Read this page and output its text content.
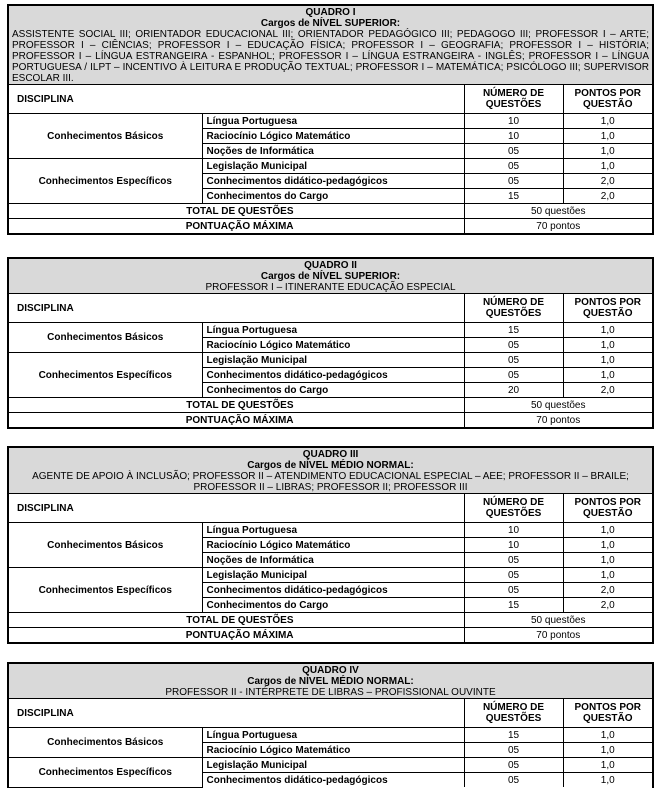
QUADRO I
Cargos de NÍVEL SUPERIOR:
ASSISTENTE SOCIAL III; ORIENTADOR EDUCACIONAL III; ORIENTADOR PEDAGÓGICO III; PEDAGOGO III; PROFESSOR I – ARTE; PROFESSOR I – CIÊNCIAS; PROFESSOR I – EDUCAÇÃO FÍSICA; PROFESSOR I – GEOGRAFIA; PROFESSOR I – HISTÓRIA; PROFESSOR I – LÍNGUA ESTRANGEIRA - ESPANHOL; PROFESSOR I – LÍNGUA ESTRANGEIRA - INGLÊS; PROFESSOR I – LÍNGUA PORTUGUESA / ILPT – INCENTIVO À LEITURA E PRODUÇÃO TEXTUAL; PROFESSOR I – MATEMÁTICA; PSICÓLOGO III; SUPERVISOR ESCOLAR III.
DISCIPLINA		NÚMERO DE QUESTÕES	PONTOS POR QUESTÃO
Conhecimentos Básicos	Língua Portuguesa	10	1,0
	Raciocínio Lógico Matemático	10	1,0
	Noções de Informática	05	1,0
Conhecimentos Específicos	Legislação Municipal	05	1,0
	Conhecimentos didático-pedagógicos	05	2,0
	Conhecimentos do Cargo	15	2,0
TOTAL DE QUESTÕES		50 questões	
PONTUAÇÃO MÁXIMA		70 pontos	
QUADRO II
Cargos de NÍVEL SUPERIOR:
PROFESSOR I – ITINERANTE EDUCAÇÃO ESPECIAL
DISCIPLINA		NÚMERO DE QUESTÕES	PONTOS POR QUESTÃO
Conhecimentos Básicos	Língua Portuguesa	15	1,0
	Raciocínio Lógico Matemático	05	1,0
Conhecimentos Específicos	Legislação Municipal	05	1,0
	Conhecimentos didático-pedagógicos	05	1,0
	Conhecimentos do Cargo	20	2,0
TOTAL DE QUESTÕES		50 questões	
PONTUAÇÃO MÁXIMA		70 pontos	
QUADRO III
Cargos de NÍVEL MÉDIO NORMAL:
AGENTE DE APOIO À INCLUSÃO; PROFESSOR II – ATENDIMENTO EDUCACIONAL ESPECIAL – AEE; PROFESSOR II – BRAILE; PROFESSOR II – LIBRAS; PROFESSOR II; PROFESSOR III
DISCIPLINA		NÚMERO DE QUESTÕES	PONTOS POR QUESTÃO
Conhecimentos Básicos	Língua Portuguesa	10	1,0
	Raciocínio Lógico Matemático	10	1,0
	Noções de Informática	05	1,0
Conhecimentos Específicos	Legislação Municipal	05	1,0
	Conhecimentos didático-pedagógicos	05	2,0
	Conhecimentos do Cargo	15	2,0
TOTAL DE QUESTÕES		50 questões	
PONTUAÇÃO MÁXIMA		70 pontos	
QUADRO IV
Cargos de NÍVEL MÉDIO NORMAL:
PROFESSOR II - INTÉRPRETE DE LIBRAS – PROFISSIONAL OUVINTE
DISCIPLINA		NÚMERO DE QUESTÕES	PONTOS POR QUESTÃO
Conhecimentos Básicos	Língua Portuguesa	15	1,0
	Raciocínio Lógico Matemático	05	1,0
Conhecimentos Específicos	Legislação Municipal	05	1,0
	Conhecimentos didático-pedagógicos	05	1,0
